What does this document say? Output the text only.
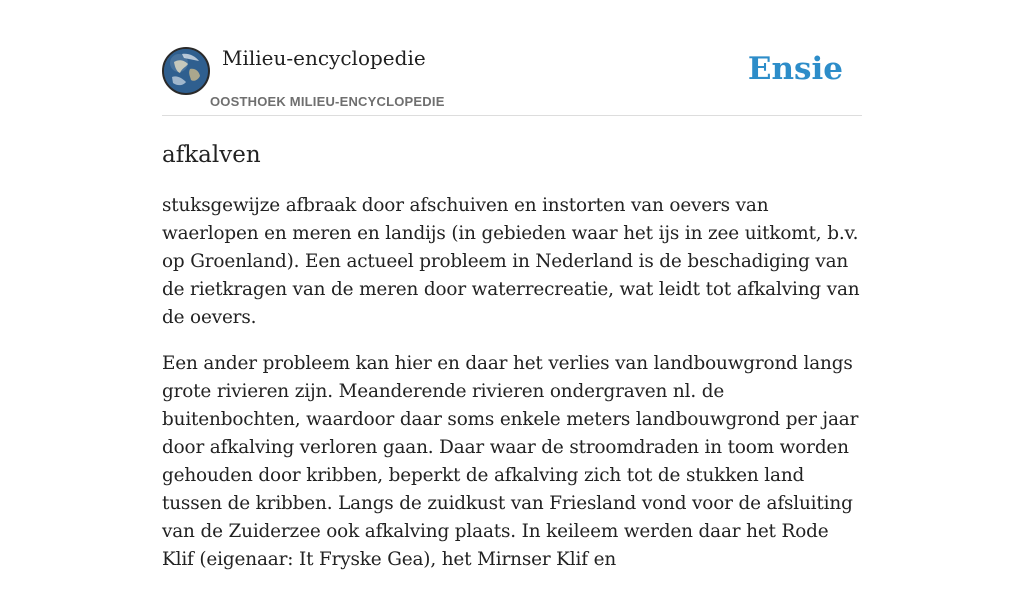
Milieu-encyclopedie
OOSTHOEK MILIEU-ENCYCLOPEDIE
Ensie
afkalven

stuksgewijze afbraak door afschuiven en instorten van oevers van waerlopen en meren en landijs (in gebieden waar het ijs in zee uitkomt, b.v. op Groenland). Een actueel probleem in Nederland is de beschadiging van de rietkragen van de meren door waterrecreatie, wat leidt tot afkalving van de oevers.

Een ander probleem kan hier en daar het verlies van landbouwgrond langs grote rivieren zijn. Meanderende rivieren ondergraven nl. de buitenbochten, waardoor daar soms enkele meters landbouwgrond per jaar door afkalving verloren gaan. Daar waar de stroomdraden in toom worden gehouden door kribben, beperkt de afkalving zich tot de stukken land tussen de kribben. Langs de zuidkust van Friesland vond voor de afsluiting van de Zuiderzee ook afkalving plaats. In keileem werden daar het Rode Klif (eigenaar: It Fryske Gea), het Mirnser Klif en
